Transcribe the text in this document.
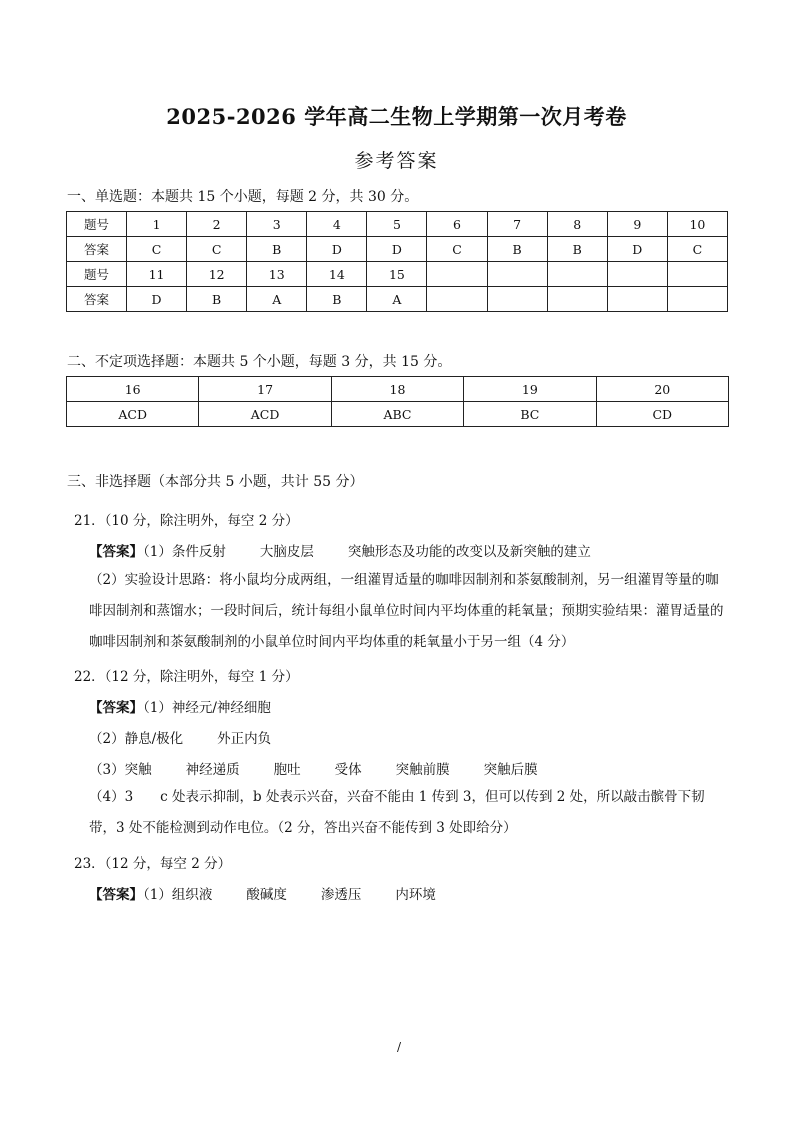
2025-2026 学年高二生物上学期第一次月考卷
参考答案
一、单选题：本题共 15 个小题，每题 2 分，共 30 分。
题号	1	2	3	4	5	6	7	8	9	10
答案	C	C	B	D	D	C	B	B	D	C
题号	11	12	13	14	15					
答案	D	B	A	B	A					
二、不定项选择题：本题共 5 个小题，每题 3 分，共 15 分。
16	17	18	19	20
ACD	ACD	ABC	BC	CD
三、非选择题（本部分共 5 小题，共计 55 分）
21．（10 分，除注明外，每空 2 分）
【答案】（1）条件反射	大脑皮层	突触形态及功能的改变以及新突触的建立
（2）实验设计思路：将小鼠均分成两组，一组灌胃适量的咖啡因制剂和茶氨酸制剂，另一组灌胃等量的咖啡因制剂和蒸馏水；一段时间后，统计每组小鼠单位时间内平均体重的耗氧量；预期实验结果：灌胃适量的咖啡因制剂和茶氨酸制剂的小鼠单位时间内平均体重的耗氧量小于另一组（4 分）
22．（12 分，除注明外，每空 1 分）
【答案】（1）神经元/神经细胞
（2）静息/极化	外正内负
（3）突触	神经递质	胞吐	受体	突触前膜	突触后膜
（4）3　　c 处表示抑制，b 处表示兴奋，兴奋不能由 1 传到 3，但可以传到 2 处，所以敲击髌骨下韧带，3 处不能检测到动作电位。（2 分，答出兴奋不能传到 3 处即给分）
23．（12 分，每空 2 分）
【答案】（1）组织液	酸碱度	渗透压	内环境
/
